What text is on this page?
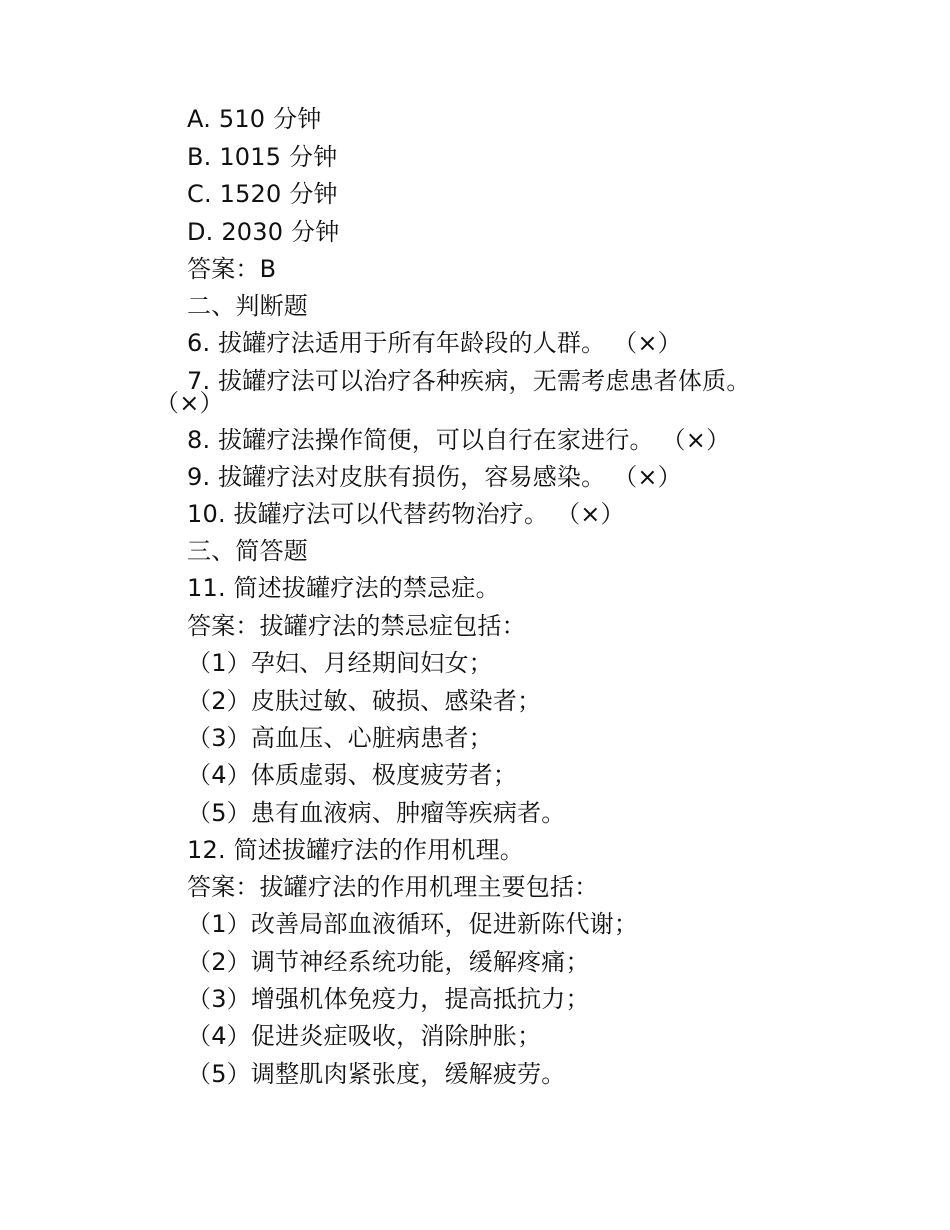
A. 510 分钟
B. 1015 分钟
C. 1520 分钟
D. 2030 分钟
答案：B
二、判断题
6. 拔罐疗法适用于所有年龄段的人群。 （×）
7. 拔罐疗法可以治疗各种疾病，无需考虑患者体质。
（×）
8. 拔罐疗法操作简便，可以自行在家进行。 （×）
9. 拔罐疗法对皮肤有损伤，容易感染。 （×）
10. 拔罐疗法可以代替药物治疗。 （×）
三、简答题
11. 简述拔罐疗法的禁忌症。
答案：拔罐疗法的禁忌症包括：
（1）孕妇、月经期间妇女；
（2）皮肤过敏、破损、感染者；
（3）高血压、心脏病患者；
（4）体质虚弱、极度疲劳者；
（5）患有血液病、肿瘤等疾病者。
12. 简述拔罐疗法的作用机理。
答案：拔罐疗法的作用机理主要包括：
（1）改善局部血液循环，促进新陈代谢；
（2）调节神经系统功能，缓解疼痛；
（3）增强机体免疫力，提高抵抗力；
（4）促进炎症吸收，消除肿胀；
（5）调整肌肉紧张度，缓解疲劳。
